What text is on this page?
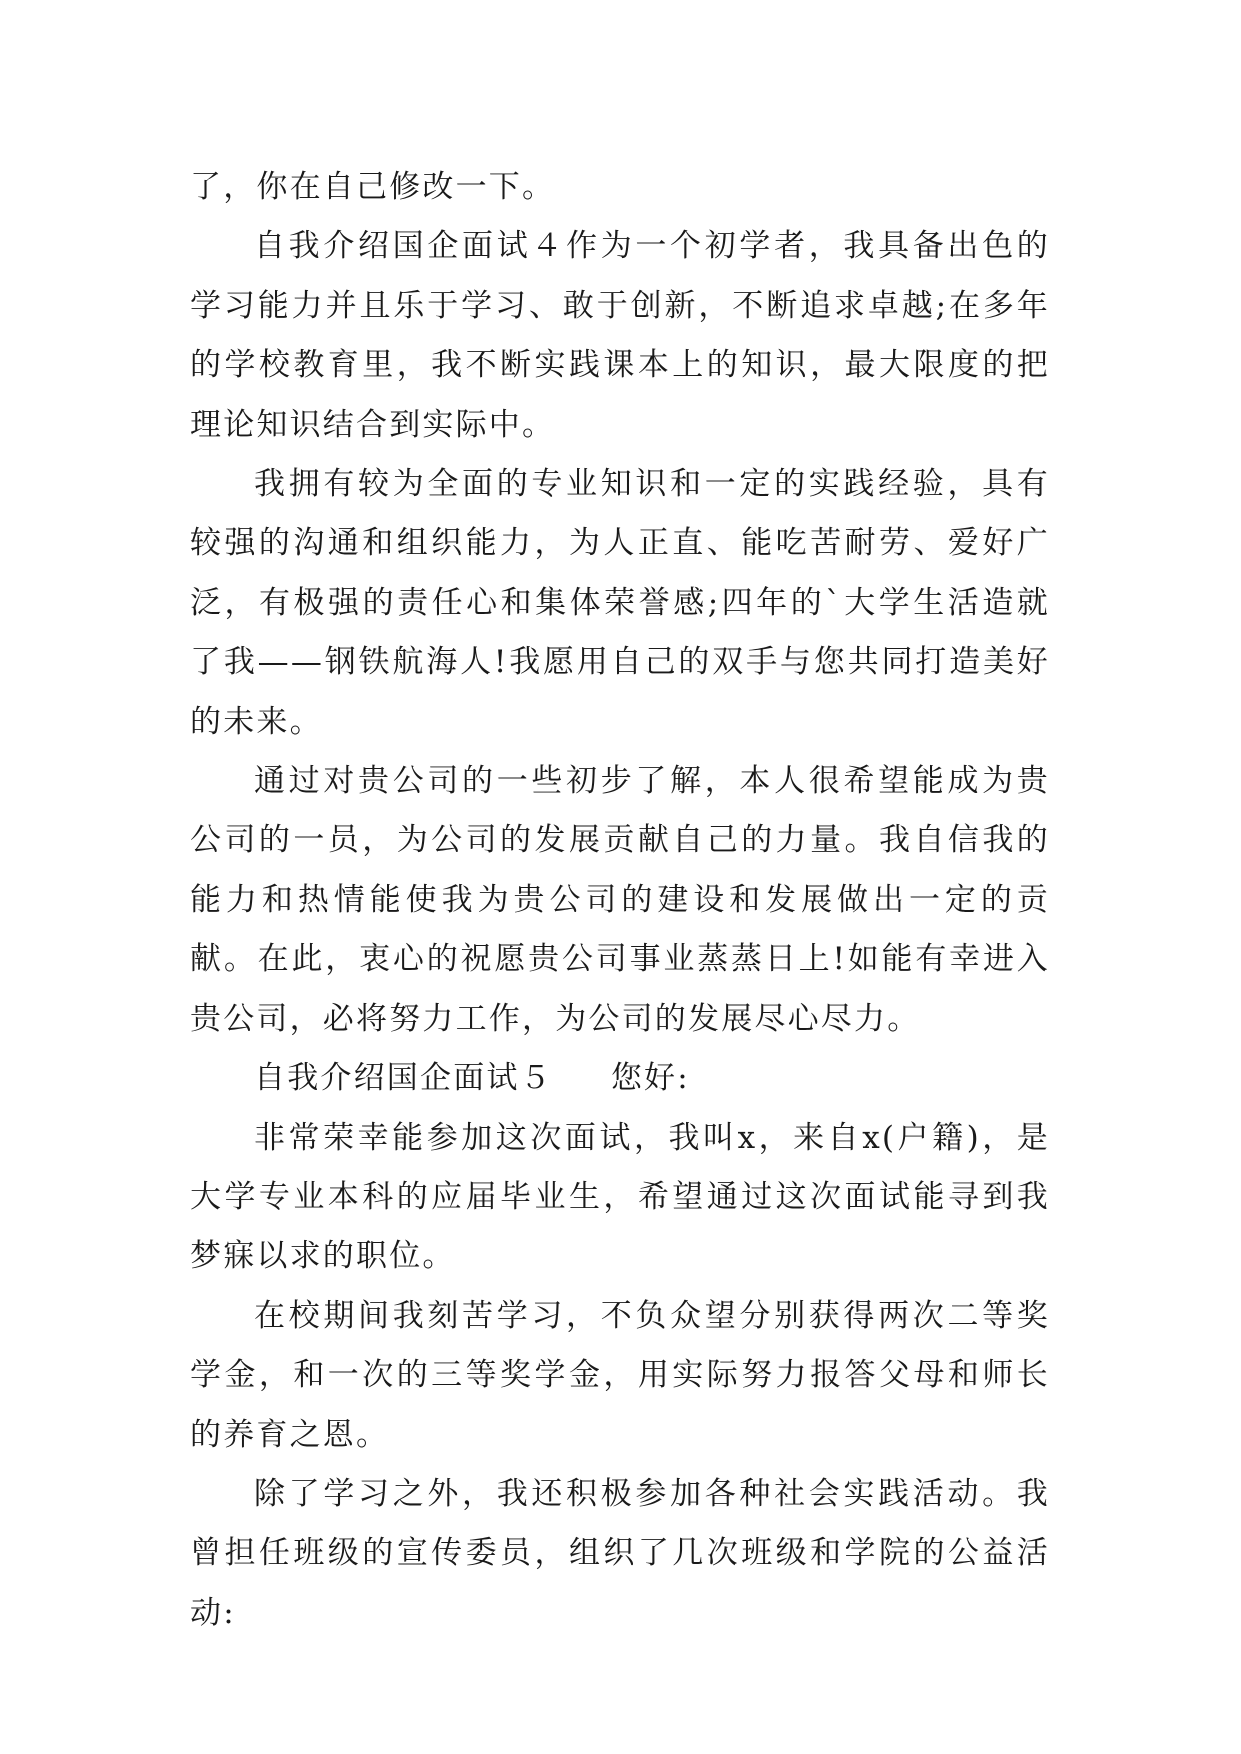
了，你在自己修改一下。

自我介绍国企面试４作为一个初学者，我具备出色的学习能力并且乐于学习、敢于创新，不断追求卓越;在多年的学校教育里，我不断实践课本上的知识，最大限度的把理论知识结合到实际中。

我拥有较为全面的专业知识和一定的实践经验，具有较强的沟通和组织能力，为人正直、能吃苦耐劳、爱好广泛，有极强的责任心和集体荣誉感;四年的`大学生活造就了我——钢铁航海人!我愿用自己的双手与您共同打造美好的未来。

通过对贵公司的一些初步了解，本人很希望能成为贵公司的一员，为公司的发展贡献自己的力量。我自信我的能力和热情能使我为贵公司的建设和发展做出一定的贡献。在此，衷心的祝愿贵公司事业蒸蒸日上!如能有幸进入贵公司，必将努力工作，为公司的发展尽心尽力。

自我介绍国企面试５ 您好:

非常荣幸能参加这次面试，我叫x，来自x(户籍)，是大学专业本科的应届毕业生，希望通过这次面试能寻到我梦寐以求的职位。

在校期间我刻苦学习，不负众望分别获得两次二等奖学金，和一次的三等奖学金，用实际努力报答父母和师长的养育之恩。

除了学习之外，我还积极参加各种社会实践活动。我曾担任班级的宣传委员，组织了几次班级和学院的公益活动:
